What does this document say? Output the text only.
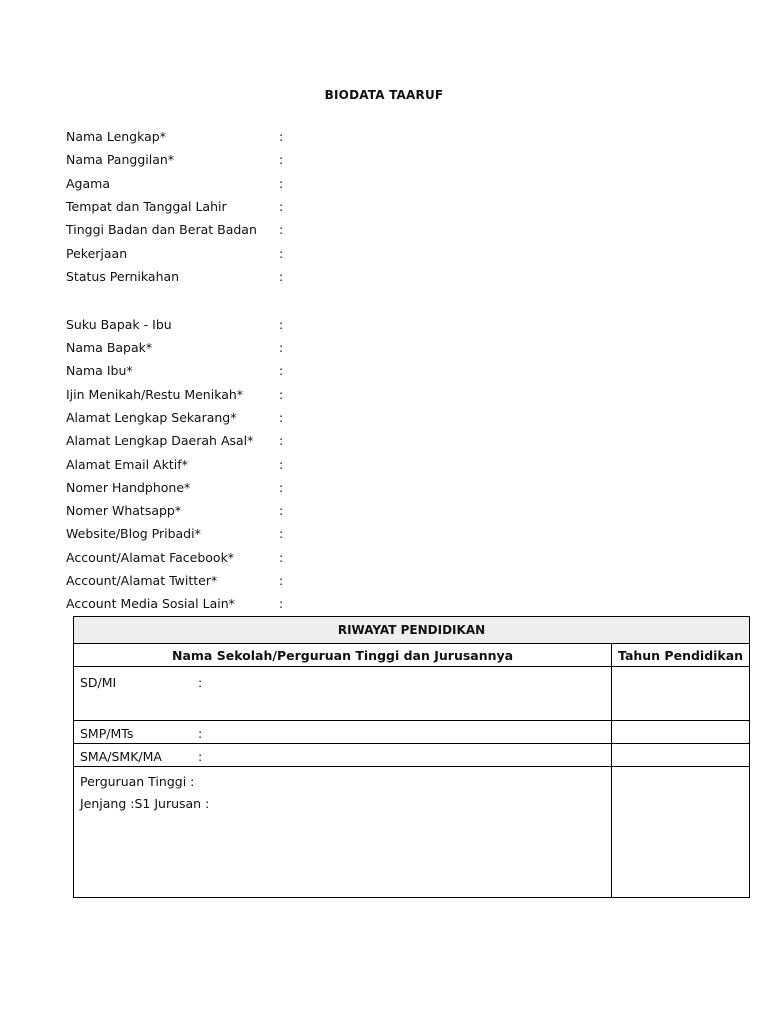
BIODATA TAARUF
Nama Lengkap*	:
Nama Panggilan*	:
Agama	:
Tempat dan Tanggal Lahir	:
Tinggi Badan dan Berat Badan	:
Pekerjaan	:
Status Pernikahan	:
Suku Bapak - Ibu	:
Nama Bapak*	:
Nama Ibu*	:
Ijin Menikah/Restu Menikah*	:
Alamat Lengkap Sekarang*	:
Alamat Lengkap Daerah Asal*	:
Alamat Email Aktif*	:
Nomer Handphone*	:
Nomer Whatsapp*	:
Website/Blog Pribadi*	:
Account/Alamat Facebook*	:
Account/Alamat Twitter*	:
Account Media Sosial Lain*	:
RIWAYAT PENDIDIKAN	
Nama Sekolah/Perguruan Tinggi dan Jurusannya	Tahun Pendidikan

SD/MI :	

SMP/MTs :	

SMA/SMK/MA :	

Perguruan Tinggi :
Jenjang :S1 Jurusan :	
